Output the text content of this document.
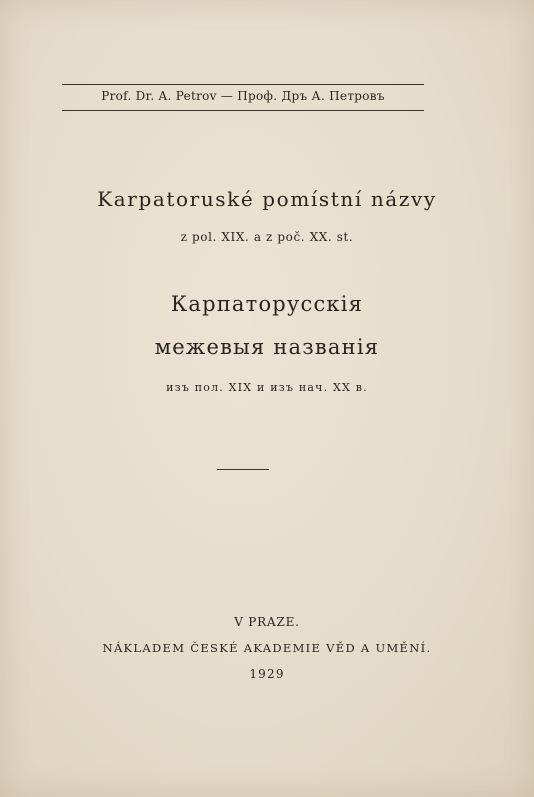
Prof. Dr. A. Petrov — Проф. Дръ А. Петровъ
Karpatoruské pomístní názvy
z pol. XIX. a z poč. XX. st.
Карпаторусскія
межевыя названія
изъ пол. XIX и изъ нач. XX в.
V PRAZE.
NÁKLADEM ČESKÉ AKADEMIE VĚD A UMĚNÍ.
1929
